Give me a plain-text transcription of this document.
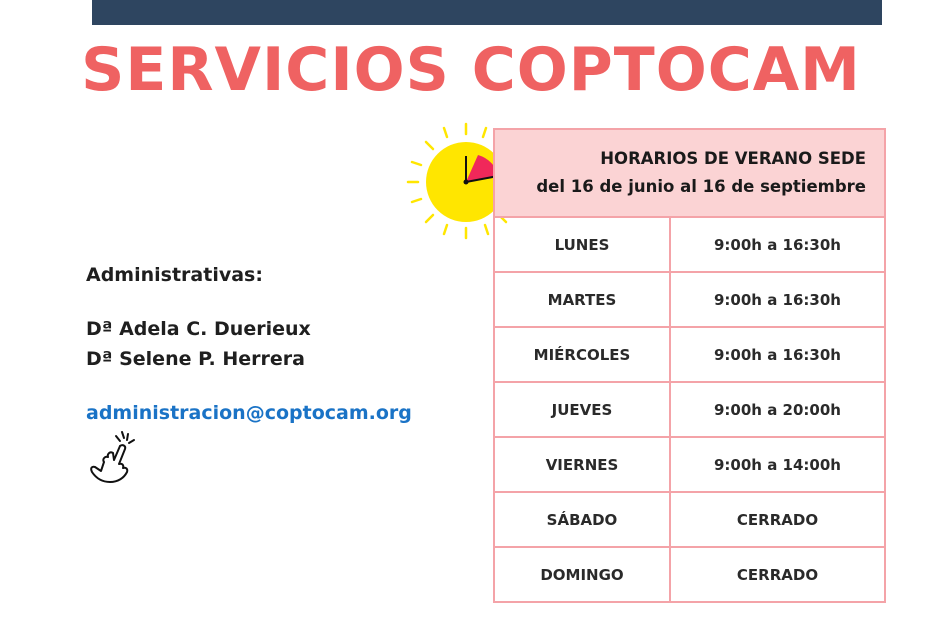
SERVICIOS COPTOCAM
Administrativas:
Dª Adela C. Duerieux
Dª Selene P. Herrera
administracion@coptocam.org
HORARIOS DE VERANO SEDE
del 16 de junio al 16 de septiembre	

LUNES	9:00h a 16:30h
MARTES	9:00h a 16:30h
MIÉRCOLES	9:00h a 16:30h
JUEVES	9:00h a 20:00h
VIERNES	9:00h a 14:00h
SÁBADO	CERRADO
DOMINGO	CERRADO
